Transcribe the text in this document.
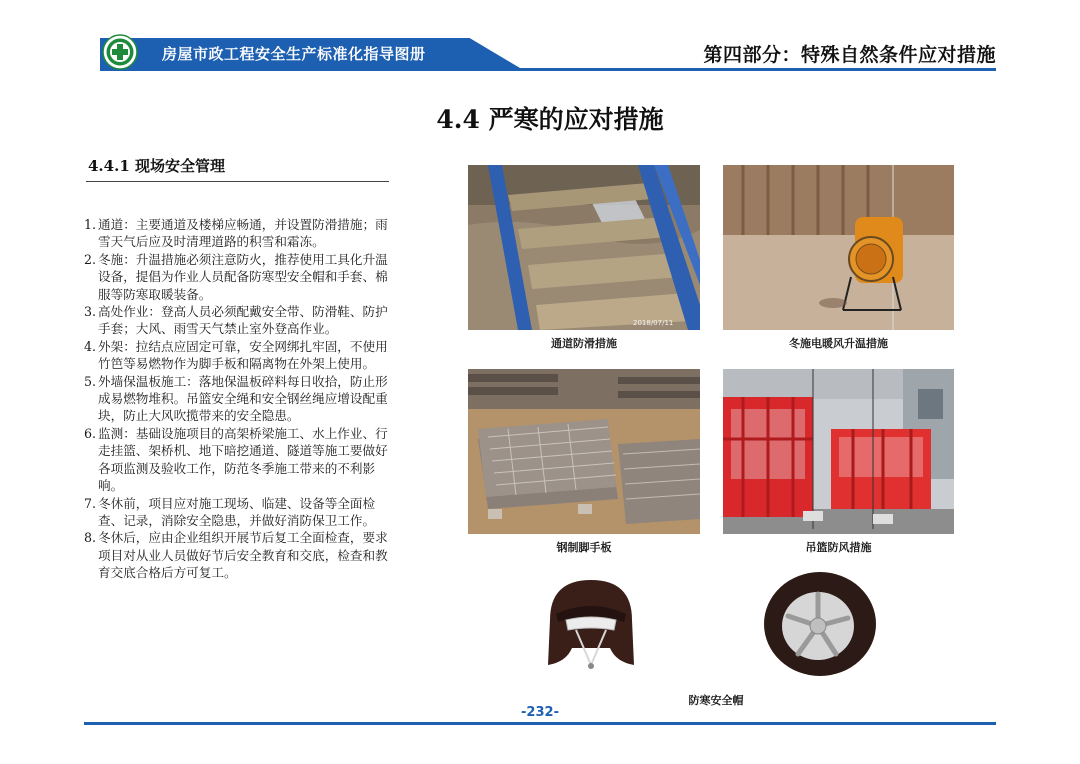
房屋市政工程安全生产标准化指导图册	第四部分：特殊自然条件应对措施
4.4 严寒的应对措施
4.4.1 现场安全管理
1. 通道：主要通道及楼梯应畅通，并设置防滑措施；雨雪天气后应及时清理道路的积雪和霜冻。
2. 冬施：升温措施必须注意防火，推荐使用工具化升温设备，提倡为作业人员配备防寒型安全帽和手套、棉服等防寒取暖装备。
3. 高处作业：登高人员必须配戴安全带、防滑鞋、防护手套；大风、雨雪天气禁止室外登高作业。
4. 外架：拉结点应固定可靠，安全网绑扎牢固，不使用竹笆等易燃物作为脚手板和隔离物在外架上使用。
5. 外墙保温板施工：落地保温板碎料每日收拾，防止形成易燃物堆积。吊篮安全绳和安全钢丝绳应增设配重块，防止大风吹揽带来的安全隐患。
6. 监测：基础设施项目的高架桥梁施工、水上作业、行走挂篮、架桥机、地下暗挖通道、隧道等施工要做好各项监测及验收工作，防范冬季施工带来的不利影响。
7. 冬休前，项目应对施工现场、临建、设备等全面检查、记录，消除安全隐患，并做好消防保卫工作。
8. 冬休后，应由企业组织开展节后复工全面检查，要求项目对从业人员做好节后安全教育和交底，检查和教育交底合格后方可复工。
2018/07/11
通道防滑措施	冬施电暖风升温措施
钢制脚手板	吊篮防风措施
防寒安全帽
-232-
